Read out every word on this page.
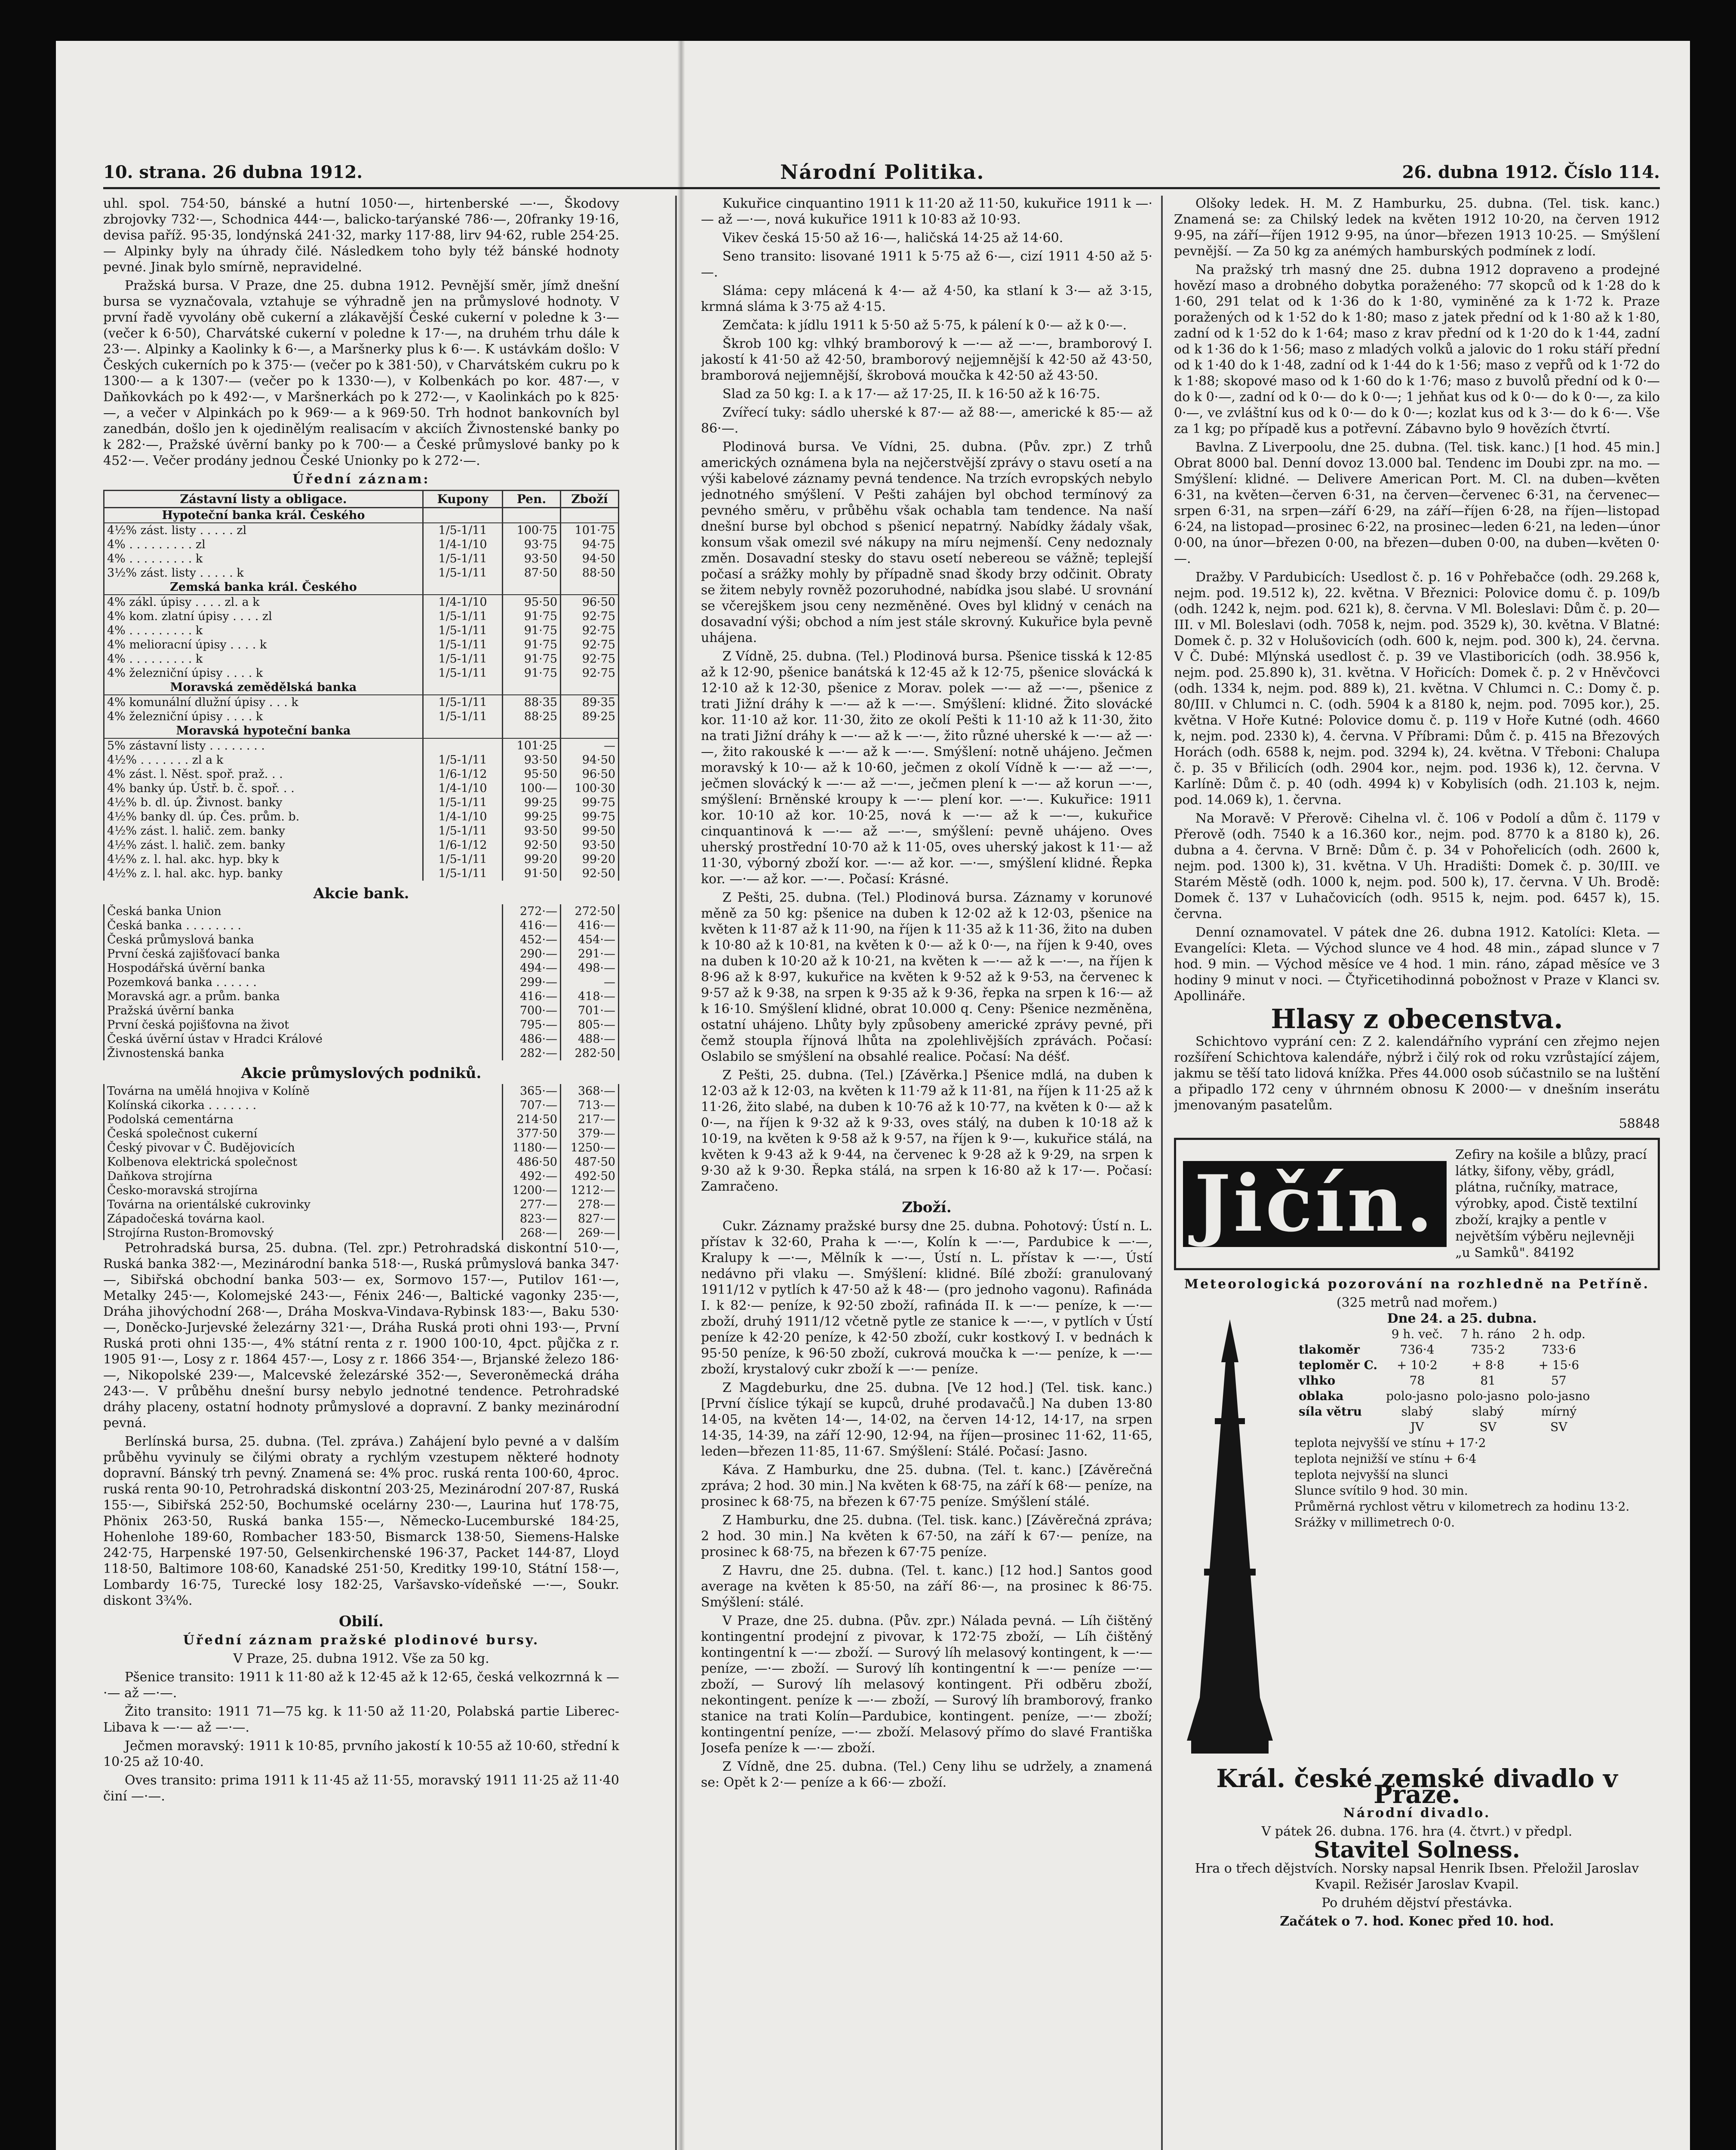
10. strana. 26 dubna 1912.	Národní Politika.	26. dubna 1912. Číslo 114.

uhl. spol. 754·50, bánské a hutní 1050·—, hirtenberské —·—, Škodovy zbrojovky 732·—, Schodnica 444·—, balicko-tarýanské 786·—, 20franky 19·16, devisa paříž. 95·35, londýnská 241·32, marky 117·88, lirv 94·62, ruble 254·25. — Alpinky byly na úhrady čilé. Následkem toho byly též bánské hodnoty pevné. Jinak bylo smírně, nepravidelné.

Pražská bursa. V Praze, dne 25. dubna 1912. Pevnější směr, jímž dnešní bursa se vyznačovala, vztahuje se výhradně jen na průmyslové hodnoty. V první řadě vyvolány obě cukerní a zlákavější České cukerní v poledne k 3·— (večer k 6·50), Charvátské cukerní v poledne k 17·—, na druhém trhu dále k 23·—. Alpinky a Kaolinky k 6·—, a Maršnerky plus k 6·—. K ustávkám došlo: V Českých cukerních po k 375·— (večer po k 381·50), v Charvátském cukru po k 1300·— a k 1307·— (večer po k 1330·—), v Kolbenkách po kor. 487·—, v Daňkovkách po k 492·—, v Maršnerkách po k 272·—, v Kaolinkách po k 825·—, a večer v Alpinkách po k 969·— a k 969·50. Trh hodnot bankovních byl zanedbán, došlo jen k ojedinělým realisacím v akciích Živnostenské banky po k 282·—, Pražské úvěrní banky po k 700·— a České průmyslové banky po k 452·—. Večer prodány jednou České Unionky po k 272·—.

Úřední záznam:
Zástavní listy a obligace.	Kupony	Pen.	Zboží
Hypoteční banka král. Českého			
4½% zást. listy . . . . . zl	1/5-1/11	100·75	101·75
4% . . . . . . . . . zl	1/4-1/10	93·75	94·75
4% . . . . . . . . . k	1/5-1/11	93·50	94·50
3½% zást. listy . . . . . k	1/5-1/11	87·50	88·50
Zemská banka král. Českého			
4% zákl. úpisy . . . . zl. a k	1/4-1/10	95·50	96·50
4% kom. zlatní úpisy . . . . zl	1/5-1/11	91·75	92·75
4% . . . . . . . . . k	1/5-1/11	91·75	92·75
4% melioracní úpisy . . . . k	1/5-1/11	91·75	92·75
4% . . . . . . . . . k	1/5-1/11	91·75	92·75
4% železniční úpisy . . . . k	1/5-1/11	91·75	92·75
Moravská zemědělská banka			
4% komunální dlužní úpisy . . . k	1/5-1/11	88·35	89·35
4% železniční úpisy . . . . k	1/5-1/11	88·25	89·25
Moravská hypoteční banka			
5% zástavní listy . . . . . . . .		101·25	—
4½% . . . . . . . zl a k	1/5-1/11	93·50	94·50
4% zást. l. Něst. spoř. praž. . .	1/6-1/12	95·50	96·50
4% banky úp. Ústř. b. č. spoř. . .	1/4-1/10	100·—	100·30
4½% b. dl. úp. Živnost. banky	1/5-1/11	99·25	99·75
4½% banky dl. úp. Čes. prům. b.	1/4-1/10	99·25	99·75
4½% zást. l. halič. zem. banky	1/5-1/11	93·50	99·50
4½% zást. l. halič. zem. banky	1/6-1/12	92·50	93·50
4½% z. l. hal. akc. hyp. bky k	1/5-1/11	99·20	99·20
4½% z. l. hal. akc. hyp. banky	1/5-1/11	91·50	92·50
Akcie bank.
Česká banka Union	272·—	272·50
Česká banka . . . . . . . .	416·—	416·—
Česká průmyslová banka	452·—	454·—
První česká zajišťovací banka	290·—	291·—
Hospodářská úvěrní banka	494·—	498·—
Pozemková banka . . . . . .	299·—	—
Moravská agr. a prům. banka	416·—	418·—
Pražská úvěrní banka	700·—	701·—
První česká pojišťovna na život	795·—	805·—
Česká úvěrní ústav v Hradci Králové	486·—	488·—
Živnostenská banka	282·—	282·50
Akcie průmyslových podniků.
Továrna na umělá hnojiva v Kolíně	365·—	368·—
Kolínská cikorka . . . . . . .	707·—	713·—
Podolská cementárna	214·50	217·—
Česká společnost cukerní	377·50	379·—
Český pivovar v Č. Budějovicích	1180·—	1250·—
Kolbenova elektrická společnost	486·50	487·50
Daňkova strojírna	492·—	492·50
Česko-moravská strojírna	1200·—	1212·—
Továrna na orientálské cukrovinky	277·—	278·—
Západočeská továrna kaol.	823·—	827·—
Strojírna Ruston-Bromovský	268·—	269·—

Petrohradská bursa, 25. dubna. (Tel. zpr.) Petrohradská diskontní 510·—, Ruská banka 382·—, Mezinárodní banka 518·—, Ruská průmyslová banka 347·—, Sibiřská obchodní banka 503·— ex, Sormovo 157·—, Putilov 161·—, Metalky 245·—, Kolomejské 243·—, Fénix 246·—, Baltické vagonky 235·—, Dráha jihovýchodní 268·—, Dráha Moskva-Vindava-Rybinsk 183·—, Baku 530·—, Doněcko-Jurjevské železárny 321·—, Dráha Ruská proti ohni 193·—, První Ruská proti ohni 135·—, 4% státní renta z r. 1900 100·10, 4pct. půjčka z r. 1905 91·—, Losy z r. 1864 457·—, Losy z r. 1866 354·—, Brjanské železo 186·—, Nikopolské 239·—, Malcevské železárské 352·—, Severoněmecká dráha 243·—. V průběhu dnešní bursy nebylo jednotné tendence. Petrohradské dráhy placeny, ostatní hodnoty průmyslové a dopravní. Z banky mezinárodní pevná.

Berlínská bursa, 25. dubna. (Tel. zpráva.) Zahájení bylo pevné a v dalším průběhu vyvinuly se čilými obraty a rychlým vzestupem některé hodnoty dopravní. Bánský trh pevný. Znamená se: 4% proc. ruská renta 100·60, 4proc. ruská renta 90·10, Petrohradská diskontní 203·25, Mezinárodní 207·87, Ruská 155·—, Sibiřská 252·50, Bochumské ocelárny 230·—, Laurina huť 178·75, Phönix 263·50, Ruská banka 155·—, Německo-Lucemburské 184·25, Hohenlohe 189·60, Rombacher 183·50, Bismarck 138·50, Siemens-Halske 242·75, Harpenské 197·50, Gelsenkirchenské 196·37, Packet 144·87, Lloyd 118·50, Baltimore 108·60, Kanadské 251·50, Kreditky 199·10, Státní 158·—, Lombardy 16·75, Turecké losy 182·25, Varšavsko-vídeňské —·—, Soukr. diskont 3¾%.

Obilí.
Úřední záznam pražské plodinové bursy.

V Praze, 25. dubna 1912. Vše za 50 kg.

Pšenice transito: 1911 k 11·80 až k 12·45 až k 12·65, česká velkozrnná k —·— až —·—.

Žito transito: 1911 71—75 kg. k 11·50 až 11·20, Polabská partie Liberec-Libava k —·— až —·—.

Ječmen moravský: 1911 k 10·85, prvního jakostí k 10·55 až 10·60, střední k 10·25 až 10·40.

Oves transito: prima 1911 k 11·45 až 11·55, moravský 1911 11·25 až 11·40 činí —·—.

Kukuřice cinquantino 1911 k 11·20 až 11·50, kukuřice 1911 k —·— až —·—, nová kukuřice 1911 k 10·83 až 10·93.

Vikev česká 15·50 až 16·—, haličská 14·25 až 14·60.

Seno transito: lisované 1911 k 5·75 až 6·—, cizí 1911 4·50 až 5·—.

Sláma: cepy mlácená k 4·— až 4·50, ka stlaní k 3·— až 3·15, krmná sláma k 3·75 až 4·15.

Zemčata: k jídlu 1911 k 5·50 až 5·75, k pálení k 0·— až k 0·—.

Škrob 100 kg: vlhký bramborový k —·— až —·—, bramborový I. jakostí k 41·50 až 42·50, bramborový nejjemnější k 42·50 až 43·50, bramborová nejjemnější, škrobová moučka k 42·50 až 43·50.

Slad za 50 kg: I. a k 17·— až 17·25, II. k 16·50 až k 16·75.

Zvířecí tuky: sádlo uherské k 87·— až 88·—, americké k 85·— až 86·—.

Plodinová bursa. Ve Vídni, 25. dubna. (Pův. zpr.) Z trhů amerických oznámena byla na nejčerstvější zprávy o stavu osetí a na výši kabelové záznamy pevná tendence. Na trzích evropských nebylo jednotného smýšlení. V Pešti zahájen byl obchod termínový za pevného směru, v průběhu však ochabla tam tendence. Na naší dnešní burse byl obchod s pšenicí nepatrný. Nabídky žádaly však, konsum však omezil své nákupy na míru nejmenší. Ceny nedoznaly změn. Dosavadní stesky do stavu osetí nebereou se vážně; teplejší počasí a srážky mohly by případně snad škody brzy odčinit. Obraty se žitem nebyly rovněž pozoruhodné, nabídka jsou slabé. U srovnání se včerejškem jsou ceny nezměněné. Oves byl klidný v cenách na dosavadní výši; obchod a ním jest stále skrovný. Kukuřice byla pevně uhájena.

Z Vídně, 25. dubna. (Tel.) Plodinová bursa. Pšenice tisská k 12·85 až k 12·90, pšenice banátská k 12·45 až k 12·75, pšenice slovácká k 12·10 až k 12·30, pšenice z Morav. polek —·— až —·—, pšenice z trati Jižní dráhy k —·— až k —·—. Smýšlení: klidné. Žito slovácké kor. 11·10 až kor. 11·30, žito ze okolí Pešti k 11·10 až k 11·30, žito na trati Jižní dráhy k —·— až k —·—, žito různé uherské k —·— až —·—, žito rakouské k —·— až k —·—. Smýšlení: notně uhájeno. Ječmen moravský k 10·— až k 10·60, ječmen z okolí Vídně k —·— až —·—, ječmen slovácký k —·— až —·—, ječmen plení k —·— až korun —·—, smýšlení: Brněnské kroupy k —·— plení kor. —·—. Kukuřice: 1911 kor. 10·10 až kor. 10·25, nová k —·— až k —·—, kukuřice cinquantinová k —·— až —·—, smýšlení: pevně uhájeno. Oves uherský prostřední 10·70 až k 11·05, oves uherský jakost k 11·— až 11·30, výborný zboží kor. —·— až kor. —·—, smýšlení klidné. Řepka kor. —·— až kor. —·—. Počasí: Krásné.

Z Pešti, 25. dubna. (Tel.) Plodinová bursa. Záznamy v korunové měně za 50 kg: pšenice na duben k 12·02 až k 12·03, pšenice na květen k 11·87 až k 11·90, na říjen k 11·35 až k 11·36, žito na duben k 10·80 až k 10·81, na květen k 0·— až k 0·—, na říjen k 9·40, oves na duben k 10·20 až k 10·21, na květen k —·— až k —·—, na říjen k 8·96 až k 8·97, kukuřice na květen k 9·52 až k 9·53, na červenec k 9·57 až k 9·38, na srpen k 9·35 až k 9·36, řepka na srpen k 16·— až k 16·10. Smýšlení klidné, obrat 10.000 q. Ceny: Pšenice nezměněna, ostatní uhájeno. Lhůty byly způsobeny americké zprávy pevné, při čemž stoupla říjnová lhůta na zpolehlivějších zprávách. Počasí: Oslabilo se smýšlení na obsahlé realice. Počasí: Na déšť.

Z Pešti, 25. dubna. (Tel.) [Závěrka.] Pšenice mdlá, na duben k 12·03 až k 12·03, na květen k 11·79 až k 11·81, na říjen k 11·25 až k 11·26, žito slabé, na duben k 10·76 až k 10·77, na květen k 0·— až k 0·—, na říjen k 9·32 až k 9·33, oves stálý, na duben k 10·18 až k 10·19, na květen k 9·58 až k 9·57, na říjen k 9·—, kukuřice stálá, na květen k 9·43 až k 9·44, na červenec k 9·28 až k 9·29, na srpen k 9·30 až k 9·30. Řepka stálá, na srpen k 16·80 až k 17·—. Počasí: Zamračeno.

Zboží.

Cukr. Záznamy pražské bursy dne 25. dubna. Pohotový: Ústí n. L. přístav k 32·60, Praha k —·—, Kolín k —·—, Pardubice k —·—, Kralupy k —·—, Mělník k —·—, Ústí n. L. přístav k —·—, Ústí nedávno při vlaku —. Smýšlení: klidné. Bílé zboží: granulovaný 1911/12 v pytlích k 47·50 až k 48·— (pro jednoho vagonu). Rafináda I. k 82·— peníze, k 92·50 zboží, rafináda II. k —·— peníze, k —·— zboží, druhý 1911/12 včetně pytle ze stanice k —·—, v pytlích v Ústí peníze k 42·20 peníze, k 42·50 zboží, cukr kostkový I. v bednách k 95·50 peníze, k 96·50 zboží, cukrová moučka k —·— peníze, k —·— zboží, krystalový cukr zboží k —·— peníze.

Z Magdeburku, dne 25. dubna. [Ve 12 hod.] (Tel. tisk. kanc.) [První číslice týkají se kupců, druhé prodavačů.] Na duben 13·80 14·05, na květen 14·—, 14·02, na červen 14·12, 14·17, na srpen 14·35, 14·39, na září 12·90, 12·94, na říjen—prosinec 11·62, 11·65, leden—březen 11·85, 11·67. Smýšlení: Stálé. Počasí: Jasno.

Káva. Z Hamburku, dne 25. dubna. (Tel. t. kanc.) [Závěrečná zpráva; 2 hod. 30 min.] Na květen k 68·75, na září k 68·— peníze, na prosinec k 68·75, na březen k 67·75 peníze. Smýšlení stálé.

Z Hamburku, dne 25. dubna. (Tel. tisk. kanc.) [Závěrečná zpráva; 2 hod. 30 min.] Na květen k 67·50, na září k 67·— peníze, na prosinec k 68·75, na březen k 67·75 peníze.

Z Havru, dne 25. dubna. (Tel. t. kanc.) [12 hod.] Santos good average na květen k 85·50, na září 86·—, na prosinec k 86·75. Smýšlení: stálé.

V Praze, dne 25. dubna. (Pův. zpr.) Nálada pevná. — Líh čištěný kontingentní prodejní z pivovar, k 172·75 zboží, — Líh čištěný kontingentní k —·— zboží. — Surový líh melasový kontingent, k —·— peníze, —·— zboží. — Surový líh kontingentní k —·— peníze —·— zboží, — Surový líh melasový kontingent. Při odběru zboží, nekontingent. peníze k —·— zboží, — Surový líh bramborový, franko stanice na trati Kolín—Pardubice, kontingent. peníze, —·— zboží; kontingentní peníze, —·— zboží. Melasový přímo do slavé Františka Josefa peníze k —·— zboží.

Z Vídně, dne 25. dubna. (Tel.) Ceny lihu se udržely, a znamená se: Opět k 2·— peníze a k 66·— zboží.

Olšoky ledek. H. M. Z Hamburku, 25. dubna. (Tel. tisk. kanc.) Znamená se: za Chilský ledek na květen 1912 10·20, na červen 1912 9·95, na září—říjen 1912 9·95, na únor—březen 1913 10·25. — Smýšlení pevnější. — Za 50 kg za anémých hamburských podmínek z lodí.

Na pražský trh masný dne 25. dubna 1912 dopraveno a prodejné hovězí maso a drobného dobytka poraženého: 77 skopců od k 1·28 do k 1·60, 291 telat od k 1·36 do k 1·80, vyminěné za k 1·72 k. Praze poražených od k 1·52 do k 1·80; maso z jatek přední od k 1·80 až k 1·80, zadní od k 1·52 do k 1·64; maso z krav přední od k 1·20 do k 1·44, zadní od k 1·36 do k 1·56; maso z mladých volků a jalovic do 1 roku stáří přední od k 1·40 do k 1·48, zadní od k 1·44 do k 1·56; maso z vepřů od k 1·72 do k 1·88; skopové maso od k 1·60 do k 1·76; maso z buvolů přední od k 0·— do k 0·—, zadní od k 0·— do k 0·—; 1 jehňat kus od k 0·— do k 0·—, za kilo 0·—, ve zvláštní kus od k 0·— do k 0·—; kozlat kus od k 3·— do k 6·—. Vše za 1 kg; po případě kus a potřevní. Zábavno bylo 9 hovězích čtvrtí.

Bavlna. Z Liverpoolu, dne 25. dubna. (Tel. tisk. kanc.) [1 hod. 45 min.] Obrat 8000 bal. Denní dovoz 13.000 bal. Tendenc im Doubi zpr. na mo. — Smýšlení: klidné. — Delivere American Port. M. Cl. na duben—květen 6·31, na květen—červen 6·31, na červen—červenec 6·31, na červenec—srpen 6·31, na srpen—září 6·29, na září—říjen 6·28, na říjen—listopad 6·24, na listopad—prosinec 6·22, na prosinec—leden 6·21, na leden—únor 0·00, na únor—březen 0·00, na březen—duben 0·00, na duben—květen 0·—.

Dražby. V Pardubicích: Usedlost č. p. 16 v Pohřebačce (odh. 29.268 k, nejm. pod. 19.512 k), 22. května. V Březnici: Polovice domu č. p. 109/b (odh. 1242 k, nejm. pod. 621 k), 8. června. V Ml. Boleslavi: Dům č. p. 20—III. v Ml. Boleslavi (odh. 7058 k, nejm. pod. 3529 k), 30. května. V Blatné: Domek č. p. 32 v Holušovicích (odh. 600 k, nejm. pod. 300 k), 24. června. V Č. Dubé: Mlýnská usedlost č. p. 39 ve Vlastiboricích (odh. 38.956 k, nejm. pod. 25.890 k), 31. května. V Hořicích: Domek č. p. 2 v Hněvčovci (odh. 1334 k, nejm. pod. 889 k), 21. května. V Chlumci n. C.: Domy č. p. 80/III. v Chlumci n. C. (odh. 5904 k a 8180 k, nejm. pod. 7095 kor.), 25. května. V Hoře Kutné: Polovice domu č. p. 119 v Hoře Kutné (odh. 4660 k, nejm. pod. 2330 k), 4. června. V Příbrami: Dům č. p. 415 na Březových Horách (odh. 6588 k, nejm. pod. 3294 k), 24. května. V Třeboni: Chalupa č. p. 35 v Břilicích (odh. 2904 kor., nejm. pod. 1936 k), 12. června. V Karlíně: Dům č. p. 40 (odh. 4994 k) v Kobylisích (odh. 21.103 k, nejm. pod. 14.069 k), 1. června.

Na Moravě: V Přerově: Cihelna vl. č. 106 v Podolí a dům č. 1179 v Přerově (odh. 7540 k a 16.360 kor., nejm. pod. 8770 k a 8180 k), 26. dubna a 4. června. V Brně: Dům č. p. 34 v Pohořelicích (odh. 2600 k, nejm. pod. 1300 k), 31. května. V Uh. Hradišti: Domek č. p. 30/III. ve Starém Městě (odh. 1000 k, nejm. pod. 500 k), 17. června. V Uh. Brodě: Domek č. 137 v Luhačovicích (odh. 9515 k, nejm. pod. 6457 k), 15. června.

Denní oznamovatel. V pátek dne 26. dubna 1912. Katolíci: Kleta. — Evangelíci: Kleta. — Východ slunce ve 4 hod. 48 min., západ slunce v 7 hod. 9 min. — Východ měsíce ve 4 hod. 1 min. ráno, západ měsíce ve 3 hodiny 9 minut v noci. — Čtyřicetihodinná pobožnost v Praze v Klanci sv. Apollináře.

Hlasy z obecenstva.

Schichtovo vyprání cen: Z 2. kalendářního vyprání cen zřejmo nejen rozšíření Schichtova kalendáře, nýbrž i čilý rok od roku vzrůstající zájem, jakmu se těší tato lidová knížka. Přes 44.000 osob súčastnilo se na luštění a připadlo 172 ceny v úhrnném obnosu K 2000·— v dnešním inserátu jmenovaným pasatelům.

58848

Jičín.
Zefiry na košile a blůzy, prací látky, šifony, věby, grádl, plátna, ručníky, matrace, výrobky, apod. Čistě textilní zboží, krajky a pentle v největším výběru nejlevněji „u Samků". 84192
Meteorologická pozorování na rozhledně na Petříně.
(325 metrů nad mořem.)
Dne 24. a 25. dubna.
	9 h. več.	7 h. ráno	2 h. odp.
tlakoměr	736·4	735·2	733·6
teploměr C.	+ 10·2	+ 8·8	+ 15·6
vlhko	78	81	57
oblaka	polo-jasno	polo-jasno	polo-jasno
síla větru	slabý	slabý	mírný
	JV	SV	SV
teplota nejvyšší ve stínu + 17·2
teplota nejnižší ve stínu + 6·4
teplota nejvyšší na slunci
Slunce svítilo 9 hod. 30 min.
Průměrná rychlost větru v kilometrech za hodinu 13·2.
Srážky v millimetrech 0·0.
Král. české zemské divadlo v Praze.
Národní divadlo.

V pátek 26. dubna. 176. hra (4. čtvrt.) v předpl.

Stavitel Solness.

Hra o třech dějstvích. Norsky napsal Henrik Ibsen. Přeložil Jaroslav Kvapil. Režisér Jaroslav Kvapil.

Po druhém dějství přestávka.

Začátek o 7. hod. Konec před 10. hod.
